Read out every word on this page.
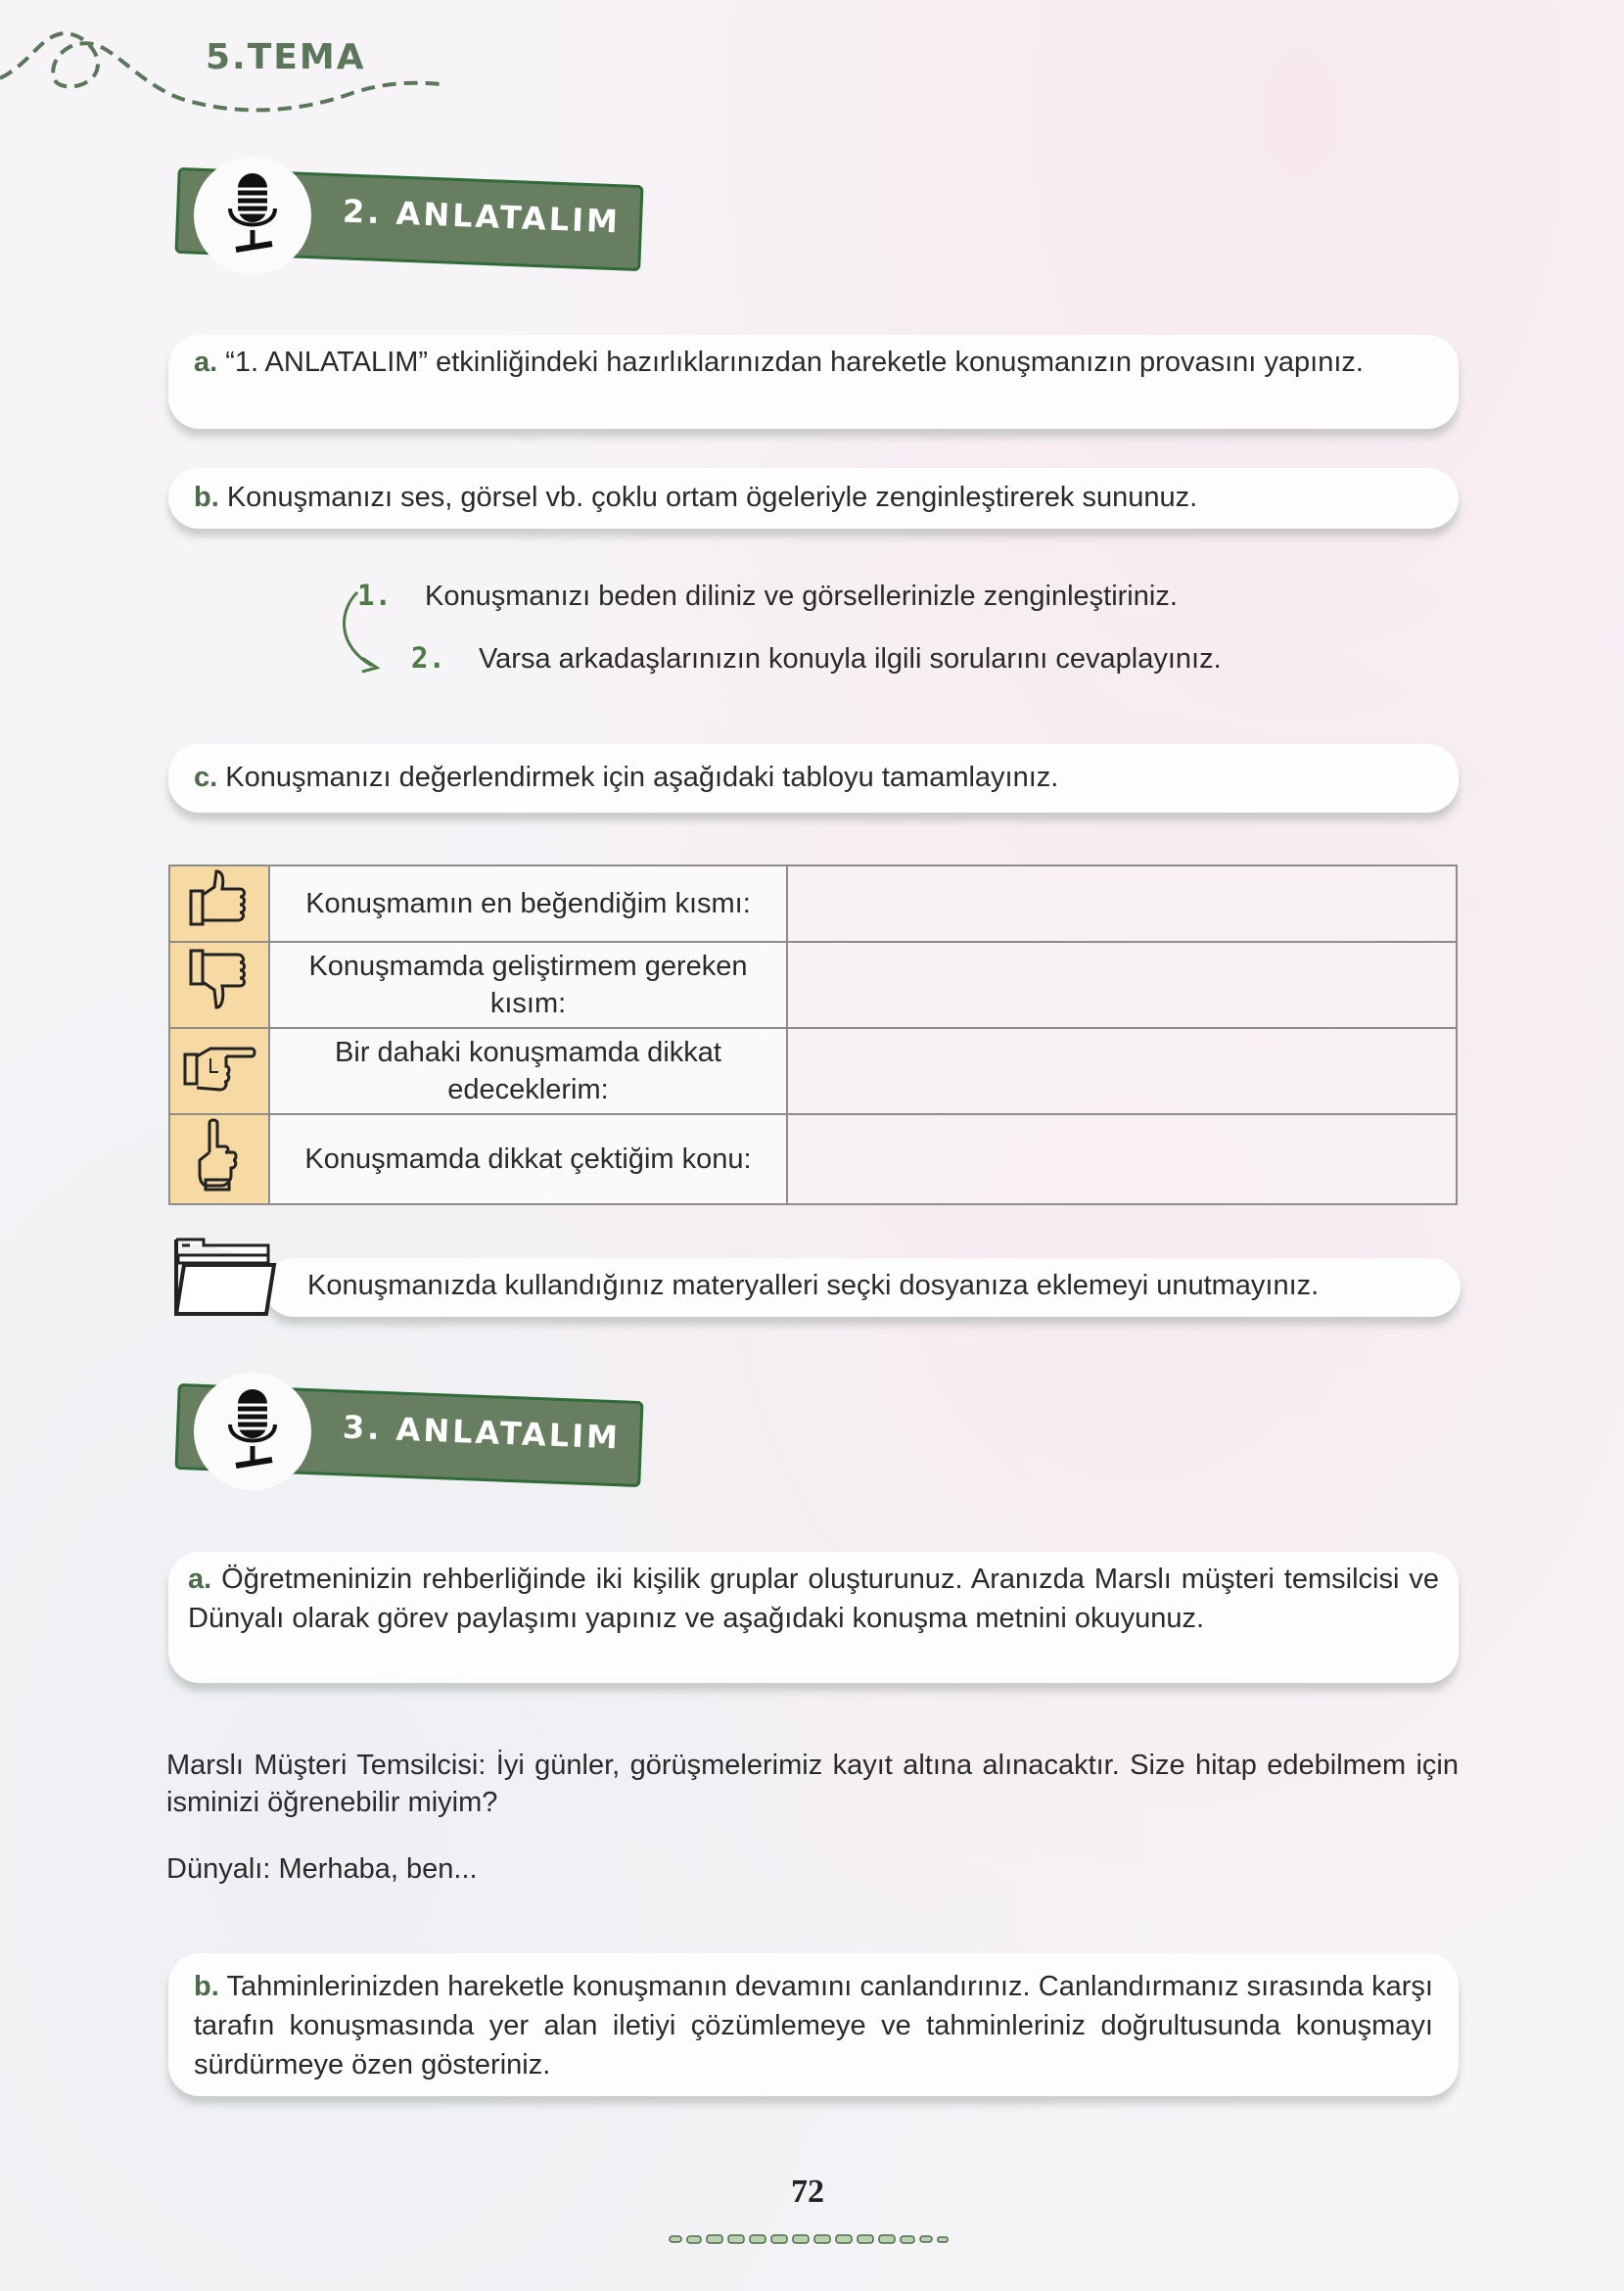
5.TEMA
2. ANLATALIM
a. “1. ANLATALIM” etkinliğindeki hazırlıklarınızdan hareketle konuşmanızın provasını yapınız.
b. Konuşmanızı ses, görsel vb. çoklu ortam ögeleriyle zenginleştirerek sununuz.
1. Konuşmanızı beden diliniz ve görsellerinizle zenginleştiriniz.
2. Varsa arkadaşlarınızın konuyla ilgili sorularını cevaplayınız.
c. Konuşmanızı değerlendirmek için aşağıdaki tabloyu tamamlayınız.
	Konuşmamın en beğendiğim kısmı:	
	Konuşmamda geliştirmem gereken kısım:	
	Bir dahaki konuşmamda dikkat edeceklerim:	
	Konuşmamda dikkat çektiğim konu:	
Konuşmanızda kullandığınız materyalleri seçki dosyanıza eklemeyi unutmayınız.
3. ANLATALIM
a. Öğretmeninizin rehberliğinde iki kişilik gruplar oluşturunuz. Aranızda Marslı müşteri temsilcisi ve Dünyalı olarak görev paylaşımı yapınız ve aşağıdaki konuşma metnini okuyunuz.
Marslı Müşteri Temsilcisi: İyi günler, görüşmelerimiz kayıt altına alınacaktır. Size hitap edebilmem için isminizi öğrenebilir miyim?
Dünyalı: Merhaba, ben...
b. Tahminlerinizden hareketle konuşmanın devamını canlandırınız. Canlandırmanız sırasında karşı tarafın konuşmasında yer alan iletiyi çözümlemeye ve tahminleriniz doğrultusunda konuşmayı sürdürmeye özen gösteriniz.
72
